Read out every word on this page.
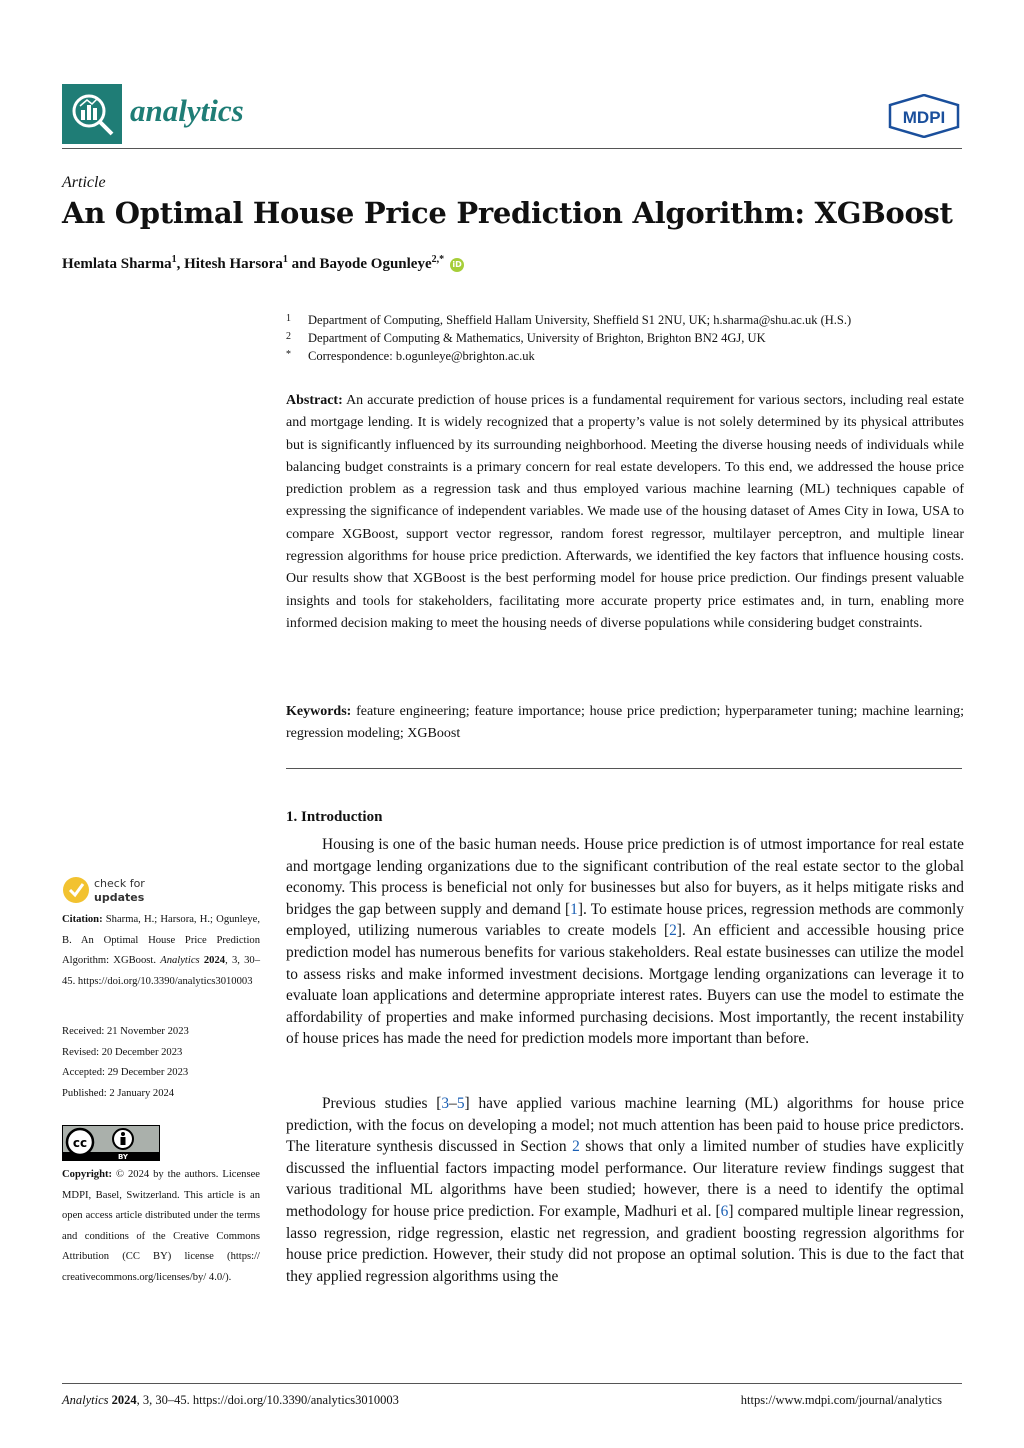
analytics	MDPI
Article
An Optimal House Price Prediction Algorithm: XGBoost
Hemlata Sharma$^1$, Hitesh Harsora$^1$ and Bayode Ogunleye$^{2,*}$ iD
1 Department of Computing, Sheffield Hallam University, Sheffield S1 2NU, UK; h.sharma@shu.ac.uk (H.S.)
2 Department of Computing & Mathematics, University of Brighton, Brighton BN2 4GJ, UK
* Correspondence: b.ogunleye@brighton.ac.uk
Abstract: An accurate prediction of house prices is a fundamental requirement for various sectors, including real estate and mortgage lending. It is widely recognized that a property’s value is not solely determined by its physical attributes but is significantly influenced by its surrounding neighborhood. Meeting the diverse housing needs of individuals while balancing budget constraints is a primary concern for real estate developers. To this end, we addressed the house price prediction problem as a regression task and thus employed various machine learning (ML) techniques capable of expressing the significance of independent variables. We made use of the housing dataset of Ames City in Iowa, USA to compare XGBoost, support vector regressor, random forest regressor, multilayer perceptron, and multiple linear regression algorithms for house price prediction. Afterwards, we identified the key factors that influence housing costs. Our results show that XGBoost is the best performing model for house price prediction. Our findings present valuable insights and tools for stakeholders, facilitating more accurate property price estimates and, in turn, enabling more informed decision making to meet the housing needs of diverse populations while considering budget constraints.
Keywords: feature engineering; feature importance; house price prediction; hyperparameter tuning; machine learning; regression modeling; XGBoost
1. Introduction
Housing is one of the basic human needs. House price prediction is of utmost importance for real estate and mortgage lending organizations due to the significant contribution of the real estate sector to the global economy. This process is beneficial not only for businesses but also for buyers, as it helps mitigate risks and bridges the gap between supply and demand [1]. To estimate house prices, regression methods are commonly employed, utilizing numerous variables to create models [2]. An efficient and accessible housing price prediction model has numerous benefits for various stakeholders. Real estate businesses can utilize the model to assess risks and make informed investment decisions. Mortgage lending organizations can leverage it to evaluate loan applications and determine appropriate interest rates. Buyers can use the model to estimate the affordability of properties and make informed purchasing decisions. Most importantly, the recent instability of house prices has made the need for prediction models more important than before.
Previous studies [3–5] have applied various machine learning (ML) algorithms for house price prediction, with the focus on developing a model; not much attention has been paid to house price predictors. The literature synthesis discussed in Section 2 shows that only a limited number of studies have explicitly discussed the influential factors impacting model performance. Our literature review findings suggest that various traditional ML algorithms have been studied; however, there is a need to identify the optimal methodology for house price prediction. For example, Madhuri et al. [6] compared multiple linear regression, lasso regression, ridge regression, elastic net regression, and gradient boosting regression algorithms for house price prediction. However, their study did not propose an optimal solution. This is due to the fact that they applied regression algorithms using the
check for
updates
Citation: Sharma, H.; Harsora, H.; Ogunleye, B. An Optimal House Price Prediction Algorithm: XGBoost. Analytics 2024, 3, 30–45. https://doi.org/10.3390/analytics3010003
Received: 21 November 2023
Revised: 20 December 2023
Accepted: 29 December 2023
Published: 2 January 2024
cc
BY
Copyright: © 2024 by the authors. Licensee MDPI, Basel, Switzerland. This article is an open access article distributed under the terms and conditions of the Creative Commons Attribution (CC BY) license (https:// creativecommons.org/licenses/by/ 4.0/).
Analytics 2024, 3, 30–45. https://doi.org/10.3390/analytics3010003	https://www.mdpi.com/journal/analytics
